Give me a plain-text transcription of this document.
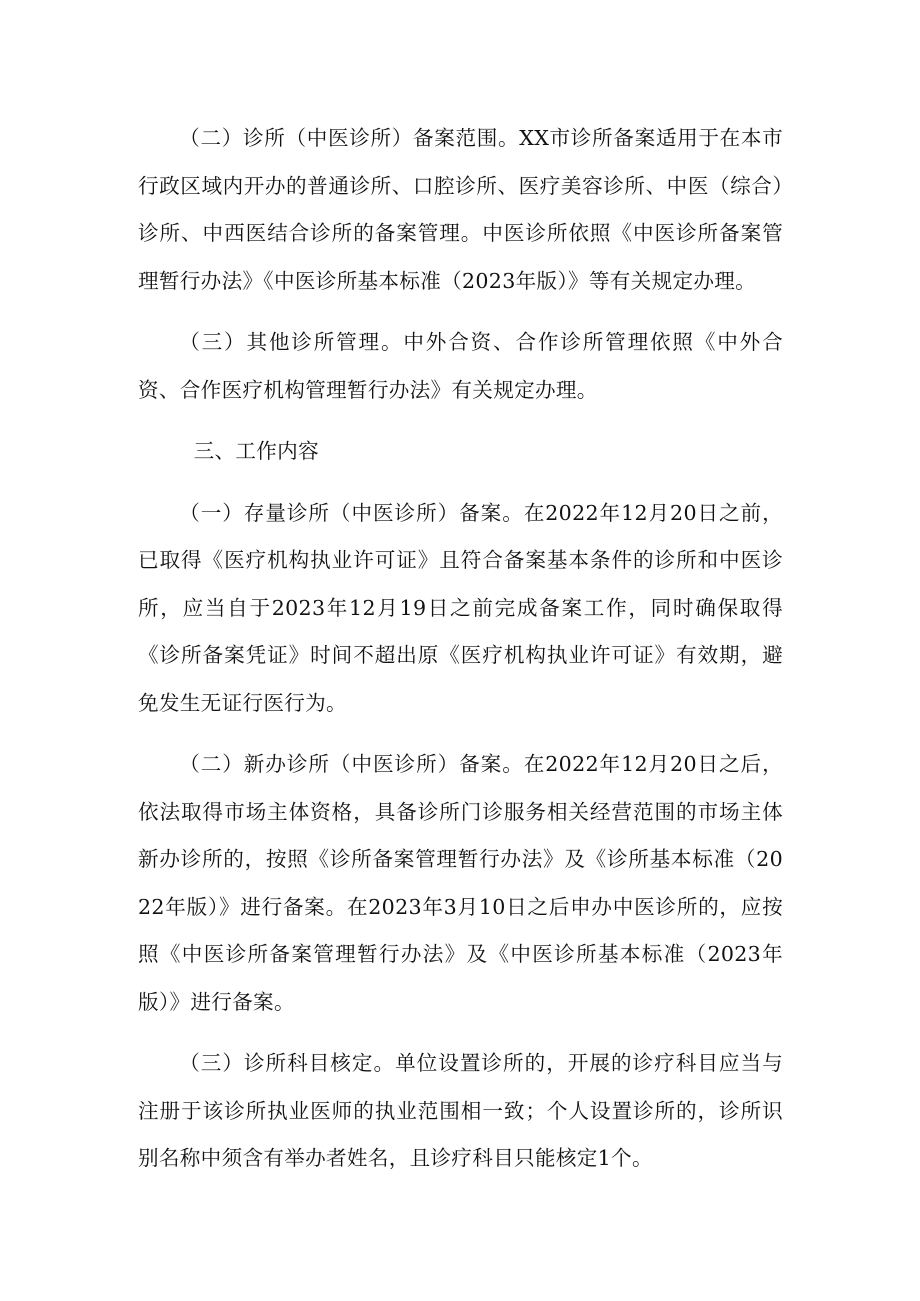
（二）诊所（中医诊所）备案范围。XX市诊所备案适用于在本市行政区域内开办的普通诊所、口腔诊所、医疗美容诊所、中医（综合）诊所、中西医结合诊所的备案管理。中医诊所依照《中医诊所备案管理暂行办法》《中医诊所基本标准（2023年版）》等有关规定办理。

（三）其他诊所管理。中外合资、合作诊所管理依照《中外合资、合作医疗机构管理暂行办法》有关规定办理。

三、工作内容

（一）存量诊所（中医诊所）备案。在2022年12月20日之前，已取得《医疗机构执业许可证》且符合备案基本条件的诊所和中医诊所，应当自于2023年12月19日之前完成备案工作，同时确保取得《诊所备案凭证》时间不超出原《医疗机构执业许可证》有效期，避免发生无证行医行为。

（二）新办诊所（中医诊所）备案。在2022年12月20日之后，依法取得市场主体资格，具备诊所门诊服务相关经营范围的市场主体新办诊所的，按照《诊所备案管理暂行办法》及《诊所基本标准（2022年版）》进行备案。在2023年3月10日之后申办中医诊所的，应按照《中医诊所备案管理暂行办法》及《中医诊所基本标准（2023年版）》进行备案。

（三）诊所科目核定。单位设置诊所的，开展的诊疗科目应当与注册于该诊所执业医师的执业范围相一致；个人设置诊所的，诊所识别名称中须含有举办者姓名，且诊疗科目只能核定1个。
